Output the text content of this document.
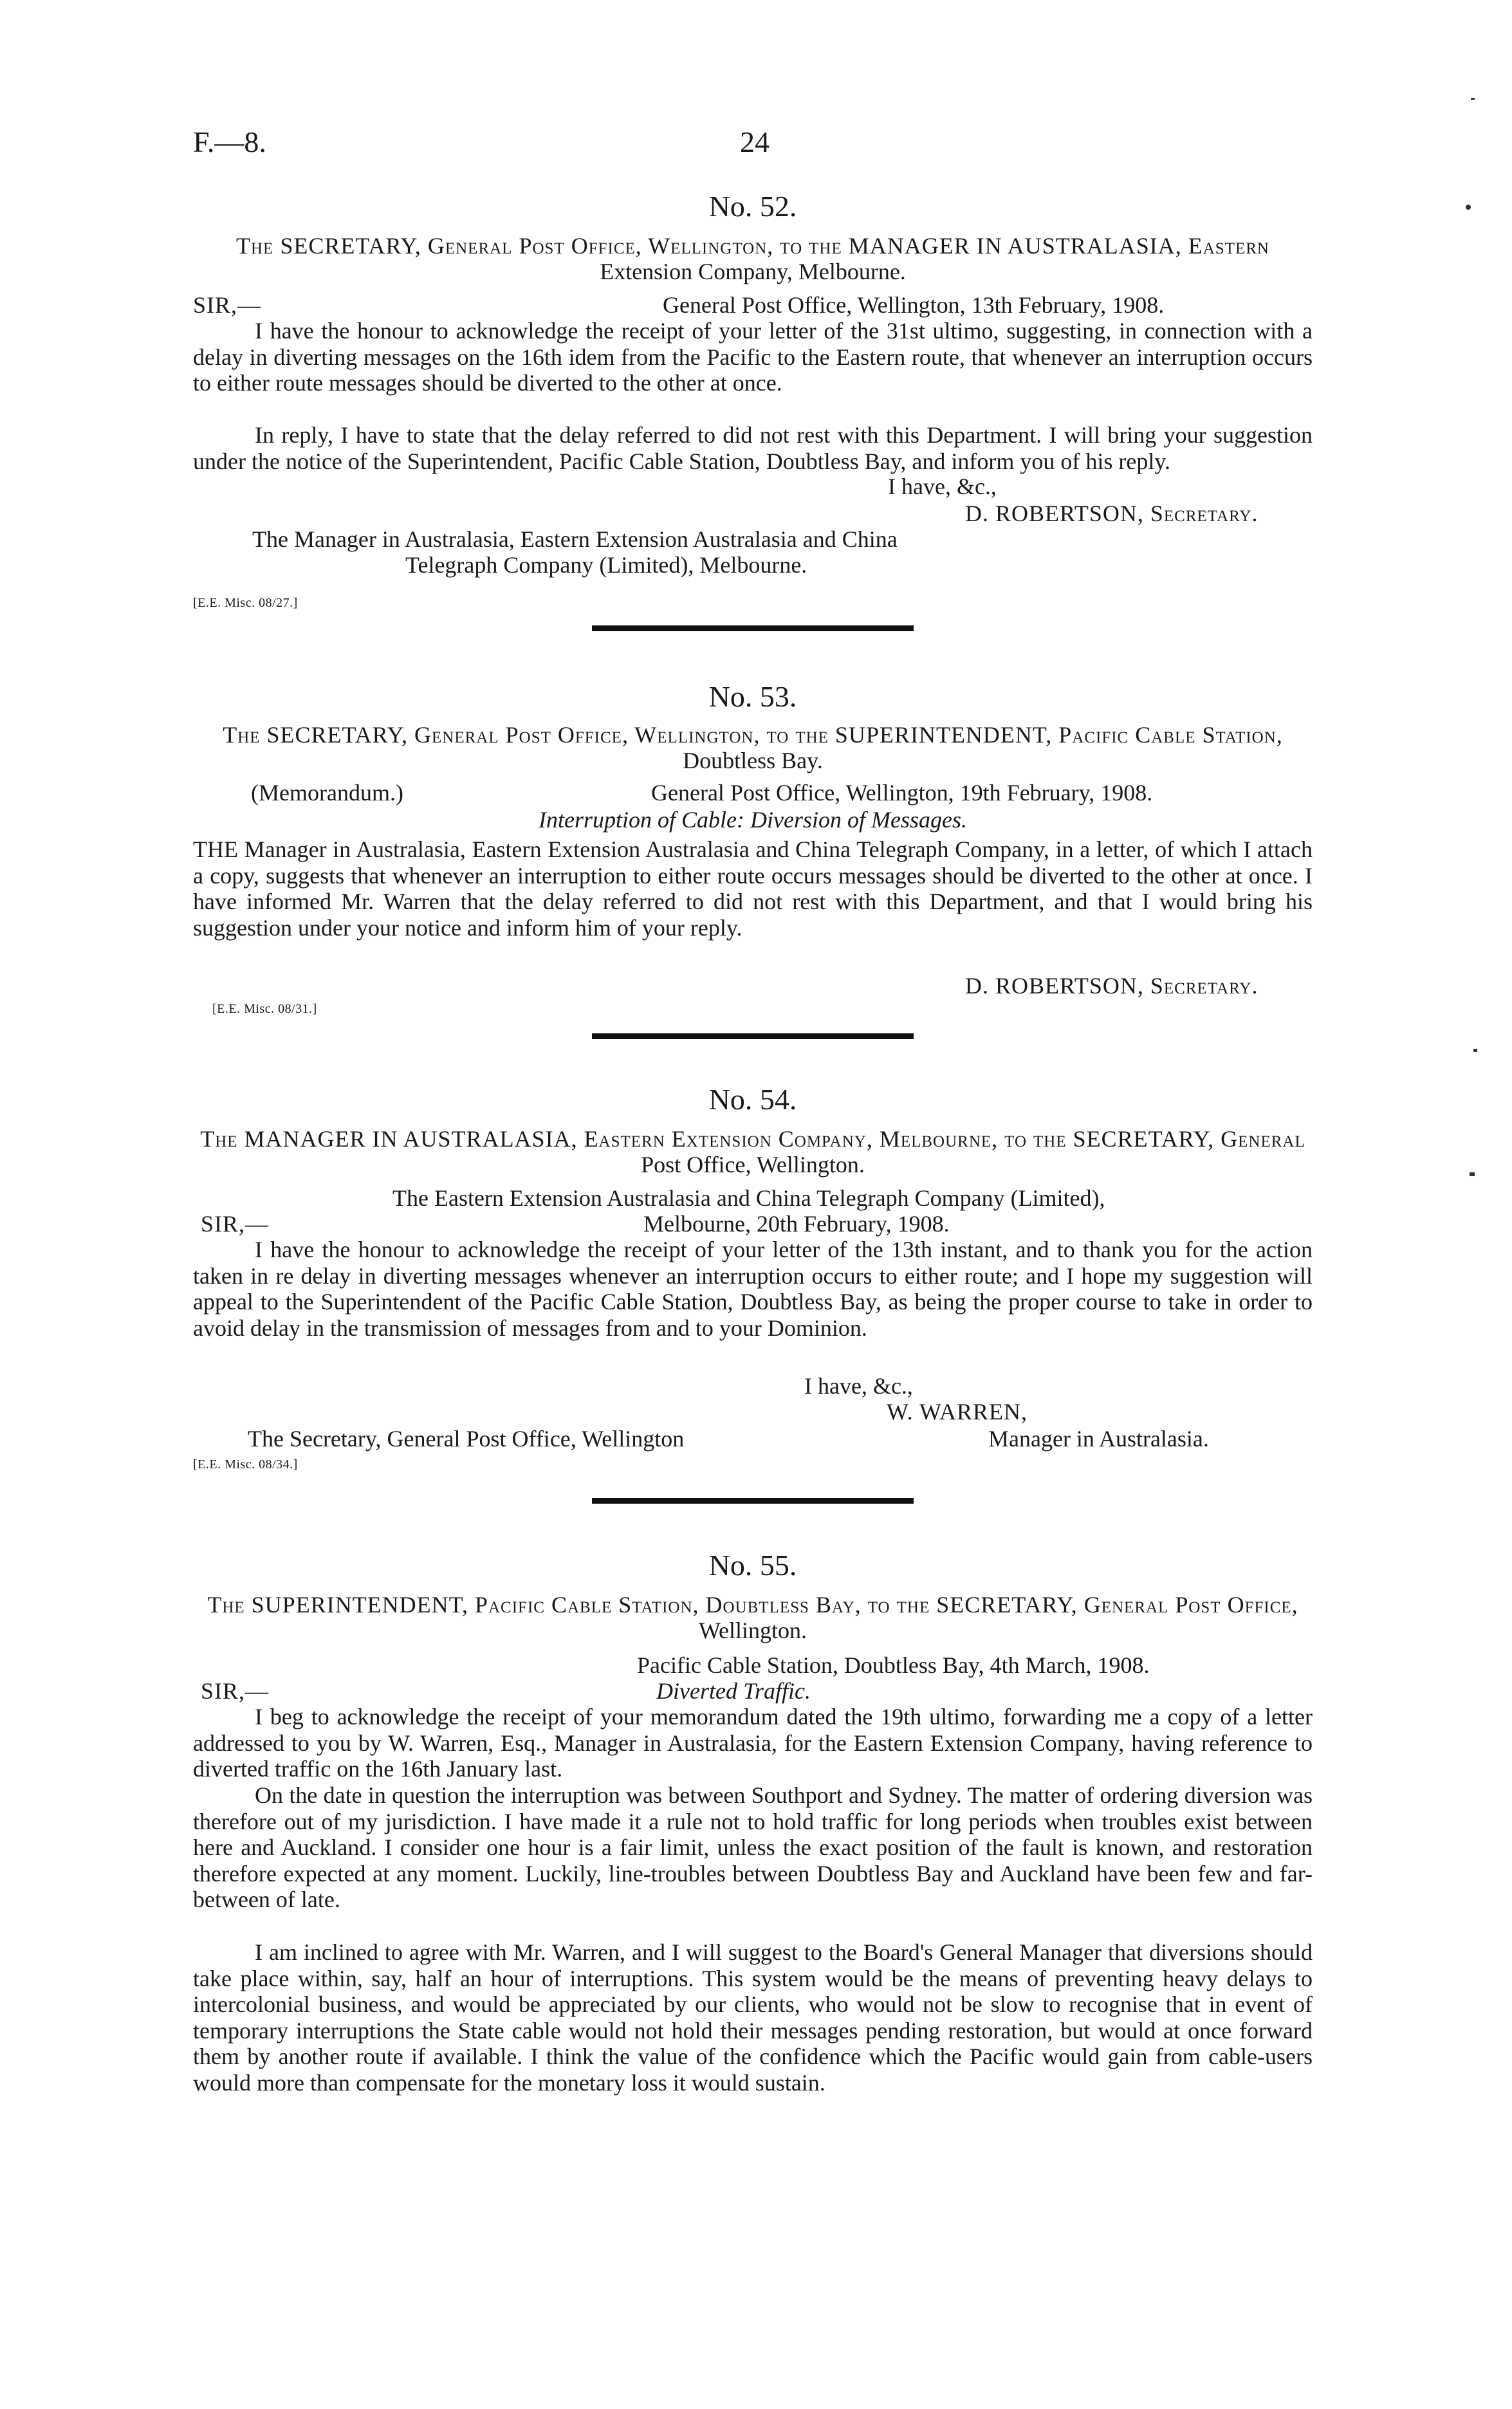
F.—8.	24
No. 52.
The SECRETARY, General Post Office, Wellington, to the MANAGER IN AUSTRALASIA, Eastern
Extension Company, Melbourne.
SIR,—	General Post Office, Wellington, 13th February, 1908.
I have the honour to acknowledge the receipt of your letter of the 31st ultimo, suggesting, in connection with a delay in diverting messages on the 16th idem from the Pacific to the Eastern route, that whenever an interruption occurs to either route messages should be diverted to the other at once.
In reply, I have to state that the delay referred to did not rest with this Department. I will bring your suggestion under the notice of the Superintendent, Pacific Cable Station, Doubtless Bay, and inform you of his reply.
I have, &c.,
D. ROBERTSON, Secretary.
The Manager in Australasia, Eastern Extension Australasia and China
Telegraph Company (Limited), Melbourne.
[E.E. Misc. 08/27.]
No. 53.
The SECRETARY, General Post Office, Wellington, to the SUPERINTENDENT, Pacific Cable Station,
Doubtless Bay.
(Memorandum.)	General Post Office, Wellington, 19th February, 1908.
Interruption of Cable: Diversion of Messages.
THE Manager in Australasia, Eastern Extension Australasia and China Telegraph Company, in a letter, of which I attach a copy, suggests that whenever an interruption to either route occurs messages should be diverted to the other at once. I have informed Mr. Warren that the delay referred to did not rest with this Department, and that I would bring his suggestion under your notice and inform him of your reply.
D. ROBERTSON, Secretary.
[E.E. Misc. 08/31.]
No. 54.
The MANAGER IN AUSTRALASIA, Eastern Extension Company, Melbourne, to the SECRETARY, General
Post Office, Wellington.
The Eastern Extension Australasia and China Telegraph Company (Limited),
SIR,—	Melbourne, 20th February, 1908.
I have the honour to acknowledge the receipt of your letter of the 13th instant, and to thank you for the action taken in re delay in diverting messages whenever an interruption occurs to either route; and I hope my suggestion will appeal to the Superintendent of the Pacific Cable Station, Doubtless Bay, as being the proper course to take in order to avoid delay in the transmission of messages from and to your Dominion.
I have, &c.,
W. WARREN,
The Secretary, General Post Office, Wellington	Manager in Australasia.
[E.E. Misc. 08/34.]
No. 55.
The SUPERINTENDENT, Pacific Cable Station, Doubtless Bay, to the SECRETARY, General Post Office,
Wellington.
Pacific Cable Station, Doubtless Bay, 4th March, 1908.
SIR,—	Diverted Traffic.
I beg to acknowledge the receipt of your memorandum dated the 19th ultimo, forwarding me a copy of a letter addressed to you by W. Warren, Esq., Manager in Australasia, for the Eastern Extension Company, having reference to diverted traffic on the 16th January last.
On the date in question the interruption was between Southport and Sydney. The matter of ordering diversion was therefore out of my jurisdiction. I have made it a rule not to hold traffic for long periods when troubles exist between here and Auckland. I consider one hour is a fair limit, unless the exact position of the fault is known, and restoration therefore expected at any moment. Luckily, line-troubles between Doubtless Bay and Auckland have been few and far-between of late.
I am inclined to agree with Mr. Warren, and I will suggest to the Board's General Manager that diversions should take place within, say, half an hour of interruptions. This system would be the means of preventing heavy delays to intercolonial business, and would be appreciated by our clients, who would not be slow to recognise that in event of temporary interruptions the State cable would not hold their messages pending restoration, but would at once forward them by another route if available. I think the value of the confidence which the Pacific would gain from cable-users would more than compensate for the monetary loss it would sustain.
